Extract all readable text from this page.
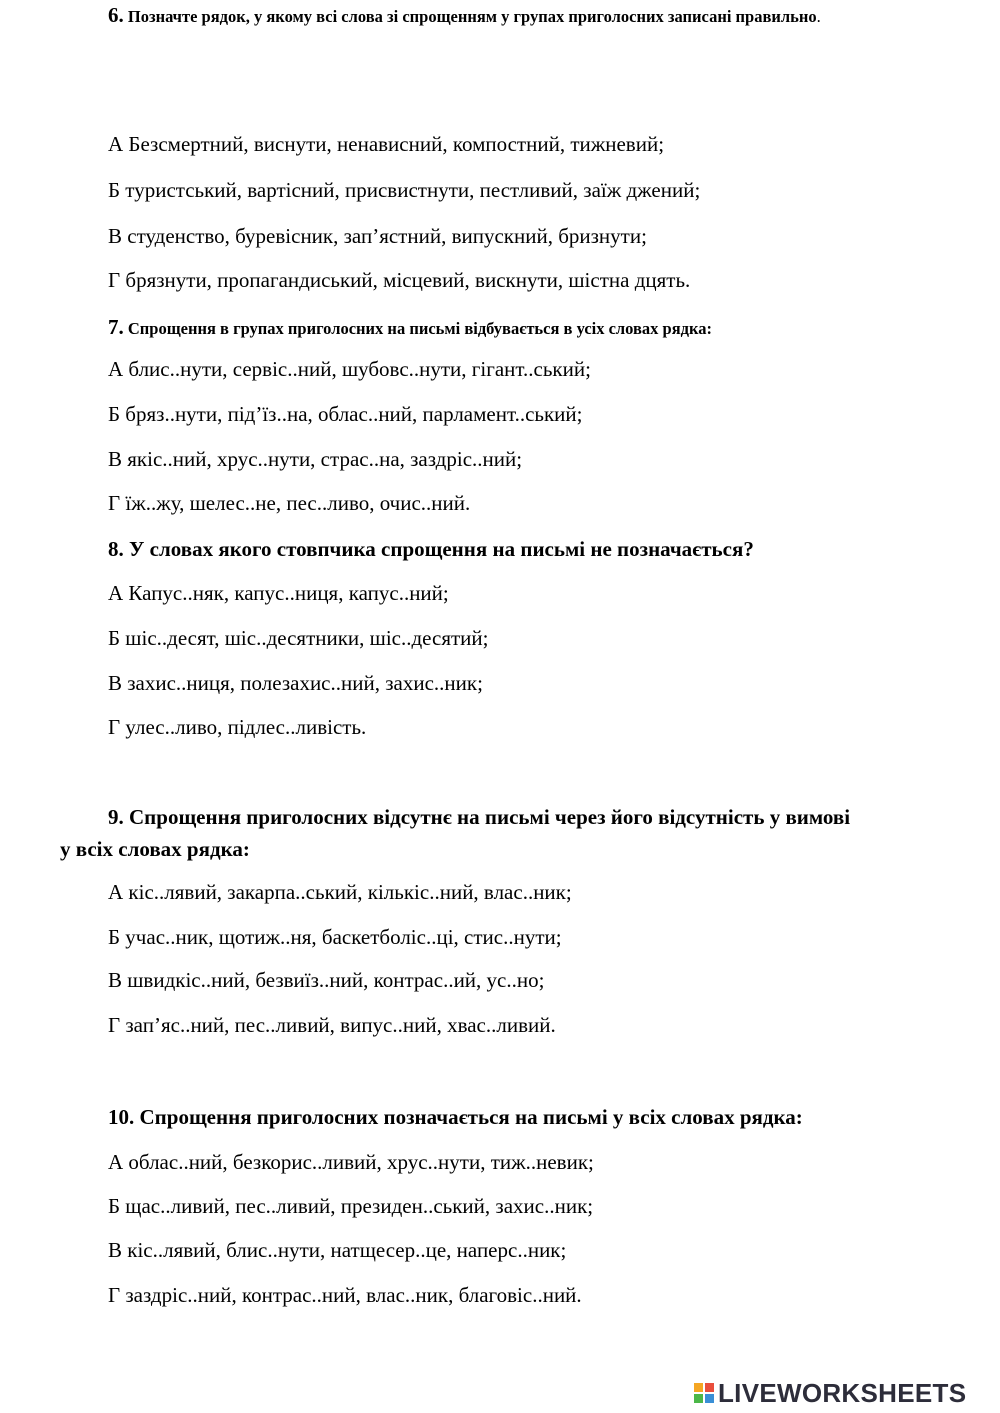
6. Позначте рядок, у якому всі слова зі спрощенням у групах приголосних записані правильно.
А Безсмертний, виснути, ненависний, компостний, тижневий;
Б туристський, вартісний, присвистнути, пестливий, заїж джений;
В студенство, буревісник, зап’ястний, випускний, бризнути;
Г брязнути, пропагандиський, місцевий, вискнути, шістна дцять.
7. Спрощення в групах приголосних на письмі відбувається в усіх словах рядка:
А блис..нути, сервіс..ний, шубовс..нути, гігант..ський;
Б бряз..нути, під’їз..на, облас..ний, парламент..ський;
В якіс..ний, хрус..нути, страс..на, заздріс..ний;
Г їж..жу, шелес..не, пес..ливо, очис..ний.
8. У словах якого стовпчика спрощення на письмі не позначається?
А Капус..няк, капус..ниця, капус..ний;
Б шіс..десят, шіс..десятники, шіс..десятий;
В захис..ниця, полезахис..ний, захис..ник;
Г улес..ливо, підлес..ливість.
9. Спрощення приголосних відсутнє на письмі через його відсутність у вимові
у всіх словах рядка:
А кіс..лявий, закарпа..ський, кількіс..ний, влас..ник;
Б учас..ник, щотиж..ня, баскетболіс..ці, стис..нути;
В швидкіс..ний, безвиїз..ний, контрас..ий, ус..но;
Г зап’яс..ний, пес..ливий, випус..ний, хвас..ливий.
10. Спрощення приголосних позначається на письмі у всіх словах рядка:
А облас..ний, безкорис..ливий, хрус..нути, тиж..невик;
Б щас..ливий, пес..ливий, президен..ський, захис..ник;
В кіс..лявий, блис..нути, натщесер..це, наперс..ник;
Г заздріс..ний, контрас..ний, влас..ник, благовіс..ний.
LIVEWORKSHEETS
